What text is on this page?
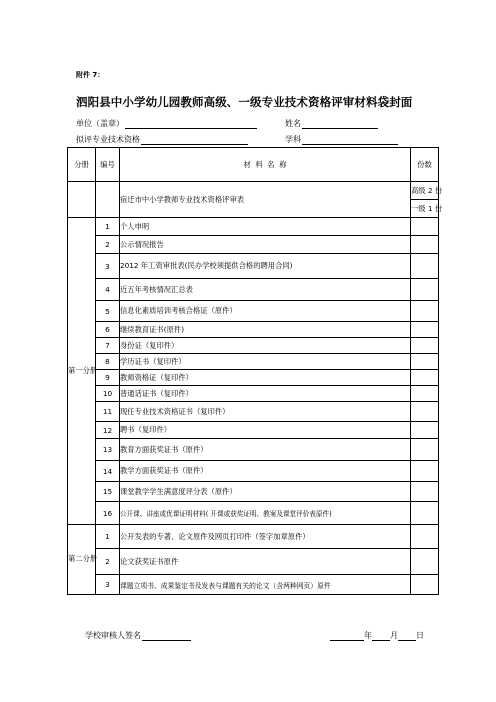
附件 7：
泗阳县中小学幼儿园教师高级、一级专业技术资格评审材料袋封面
单位（盖章）	姓名
拟评专业技术资格	学科
分册	编号	材  料  名  称	份数
		宿迁市中小学教师专业技术资格评审表	高级 2 份
一级 1 份

第一分册	1	个人申明	
	2	公示情况报告	
	3	2012 年工资审批表(民办学校须提供合格的聘用合同)	
	4	近五年考核情况汇总表	
	5	信息化素质培训考核合格证（原件）	
	6	继续教育证书(原件)	
	7	身份证（复印件）	
	8	学历证书（复印件）	
	9	教师资格证（复印件）	
	10	普通话证书（复印件）	
	11	现任专业技术资格证书（复印件）	
	12	聘书（复印件）	
	13	教育方面获奖证书（原件）	
	14	教学方面获奖证书（原件）	
	15	课堂教学学生满意度评分表（原件）	
	16	公开课、讲座或优课证明材料( 开课或获奖证明、教案及课堂评价表原件)	
第二分册	1	公开发表的专著、论文原件及网页打印件（签字加章原件）	
	2	论文获奖证书原件	
	3	课题立项书、成果鉴定书及发表与课题有关的论文（含两种网页）原件	
学校审核人签名	年 月 日
